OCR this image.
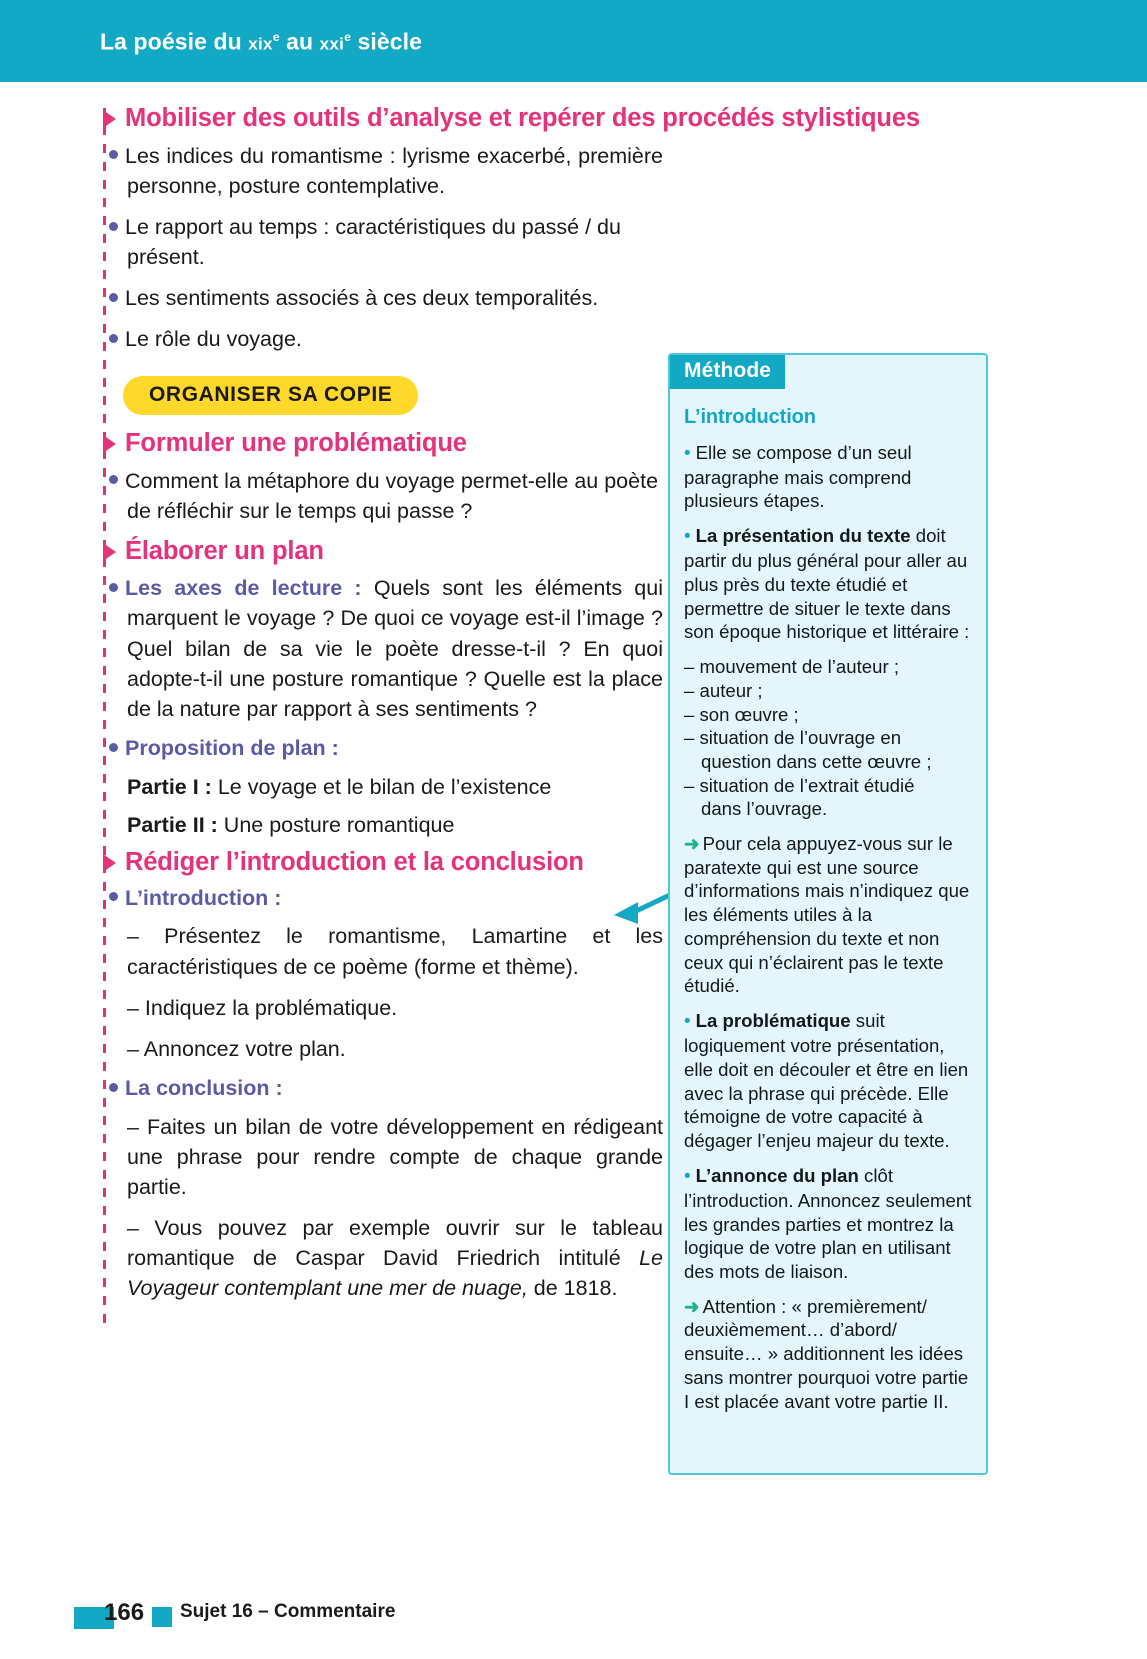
La poésie du xix$^e$ au xxi$^e$ siècle
Mobiliser des outils d’analyse et repérer des procédés stylistiques

Les indices du romantisme : lyrisme exacerbé, première personne, posture contemplative.

Le rapport au temps : caractéristiques du passé / du présent.

Les sentiments associés à ces deux temporalités.

Le rôle du voyage.

ORGANISER SA COPIE
Formuler une problématique

Comment la métaphore du voyage permet-elle au poète de réfléchir sur le temps qui passe ?

Élaborer un plan

Les axes de lecture : Quels sont les éléments qui marquent le voyage ? De quoi ce voyage est-il l’image ? Quel bilan de sa vie le poète dresse-t-il ? En quoi adopte-t-il une posture romantique ? Quelle est la place de la nature par rapport à ses sentiments ?

Proposition de plan :

Partie I : Le voyage et le bilan de l’existence

Partie II : Une posture romantique

Rédiger l’introduction et la conclusion

L’introduction :

– Présentez le romantisme, Lamartine et les caractéristiques de ce poème (forme et thème).

– Indiquez la problématique.

– Annoncez votre plan.

La conclusion :

– Faites un bilan de votre développement en rédigeant une phrase pour rendre compte de chaque grande partie.

– Vous pouvez par exemple ouvrir sur le tableau romantique de Caspar David Friedrich intitulé Le Voyageur contemplant une mer de nuage, de 1818.

Méthode
L’introduction

• Elle se compose d’un seul paragraphe mais comprend plusieurs étapes.

• La présentation du texte doit partir du plus général pour aller au plus près du texte étudié et permettre de situer le texte dans son époque historique et littéraire :

– mouvement de l’auteur ;

– auteur ;

– son œuvre ;

– situation de l’ouvrage en

question dans cette œuvre ;

– situation de l’extrait étudié

dans l’ouvrage.

➜ Pour cela appuyez-vous sur le paratexte qui est une source d’informations mais n’indiquez que les éléments utiles à la compréhension du texte et non ceux qui n’éclairent pas le texte étudié.

• La problématique suit logiquement votre présentation, elle doit en découler et être en lien avec la phrase qui précède. Elle témoigne de votre capacité à dégager l’enjeu majeur du texte.

• L’annonce du plan clôt l’introduction. Annoncez seulement les grandes parties et montrez la logique de votre plan en utilisant des mots de liaison.

➜ Attention : « premièrement/ deuxièmement… d’abord/ ensuite… » additionnent les idées sans montrer pourquoi votre partie I est placée avant votre partie II.

166 Sujet 16 – Commentaire
